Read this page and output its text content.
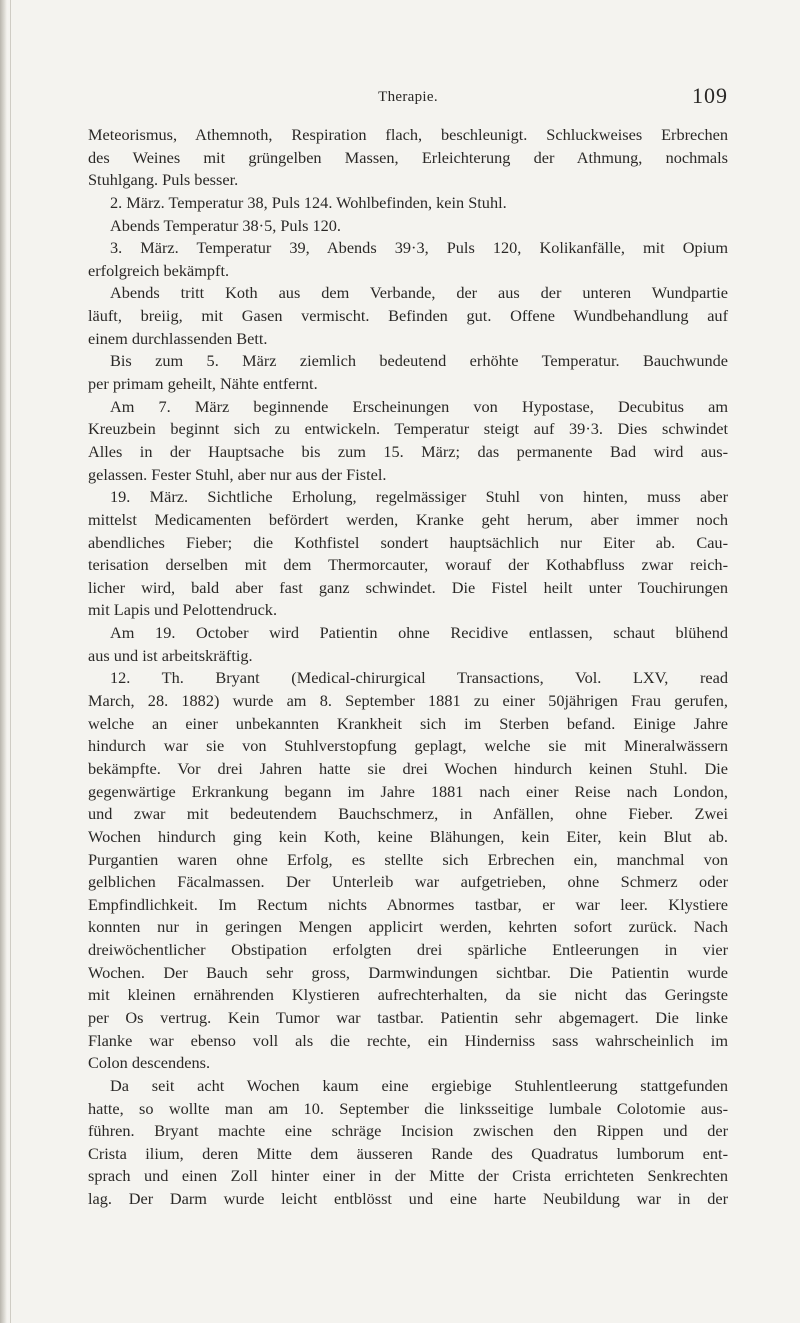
Therapie.	109
Meteorismus, Athemnoth, Respiration flach, beschleunigt. Schluckweises Erbrechen
des Weines mit grüngelben Massen, Erleichterung der Athmung, nochmals
Stuhlgang. Puls besser.
2. März. Temperatur 38, Puls 124. Wohlbefinden, kein Stuhl.
Abends Temperatur 38·5, Puls 120.
3. März. Temperatur 39, Abends 39·3, Puls 120, Kolikanfälle, mit Opium
erfolgreich bekämpft.
Abends tritt Koth aus dem Verbande, der aus der unteren Wundpartie
läuft, breiig, mit Gasen vermischt. Befinden gut. Offene Wundbehandlung auf
einem durchlassenden Bett.
Bis zum 5. März ziemlich bedeutend erhöhte Temperatur. Bauchwunde
per primam geheilt, Nähte entfernt.
Am 7. März beginnende Erscheinungen von Hypostase, Decubitus am
Kreuzbein beginnt sich zu entwickeln. Temperatur steigt auf 39·3. Dies schwindet
Alles in der Hauptsache bis zum 15. März; das permanente Bad wird aus-
gelassen. Fester Stuhl, aber nur aus der Fistel.
19. März. Sichtliche Erholung, regelmässiger Stuhl von hinten, muss aber
mittelst Medicamenten befördert werden, Kranke geht herum, aber immer noch
abendliches Fieber; die Kothfistel sondert hauptsächlich nur Eiter ab. Cau-
terisation derselben mit dem Thermorcauter, worauf der Kothabfluss zwar reich-
licher wird, bald aber fast ganz schwindet. Die Fistel heilt unter Touchirungen
mit Lapis und Pelottendruck.
Am 19. October wird Patientin ohne Recidive entlassen, schaut blühend
aus und ist arbeitskräftig.
12. Th. Bryant (Medical-chirurgical Transactions, Vol. LXV, read
March, 28. 1882) wurde am 8. September 1881 zu einer 50jährigen Frau gerufen,
welche an einer unbekannten Krankheit sich im Sterben befand. Einige Jahre
hindurch war sie von Stuhlverstopfung geplagt, welche sie mit Mineralwässern
bekämpfte. Vor drei Jahren hatte sie drei Wochen hindurch keinen Stuhl. Die
gegenwärtige Erkrankung begann im Jahre 1881 nach einer Reise nach London,
und zwar mit bedeutendem Bauchschmerz, in Anfällen, ohne Fieber. Zwei
Wochen hindurch ging kein Koth, keine Blähungen, kein Eiter, kein Blut ab.
Purgantien waren ohne Erfolg, es stellte sich Erbrechen ein, manchmal von
gelblichen Fäcalmassen. Der Unterleib war aufgetrieben, ohne Schmerz oder
Empfindlichkeit. Im Rectum nichts Abnormes tastbar, er war leer. Klystiere
konnten nur in geringen Mengen applicirt werden, kehrten sofort zurück. Nach
dreiwöchentlicher Obstipation erfolgten drei spärliche Entleerungen in vier
Wochen. Der Bauch sehr gross, Darmwindungen sichtbar. Die Patientin wurde
mit kleinen ernährenden Klystieren aufrechterhalten, da sie nicht das Geringste
per Os vertrug. Kein Tumor war tastbar. Patientin sehr abgemagert. Die linke
Flanke war ebenso voll als die rechte, ein Hinderniss sass wahrscheinlich im
Colon descendens.
Da seit acht Wochen kaum eine ergiebige Stuhlentleerung stattgefunden
hatte, so wollte man am 10. September die linksseitige lumbale Colotomie aus-
führen. Bryant machte eine schräge Incision zwischen den Rippen und der
Crista ilium, deren Mitte dem äusseren Rande des Quadratus lumborum ent-
sprach und einen Zoll hinter einer in der Mitte der Crista errichteten Senkrechten
lag. Der Darm wurde leicht entblösst und eine harte Neubildung war in der
